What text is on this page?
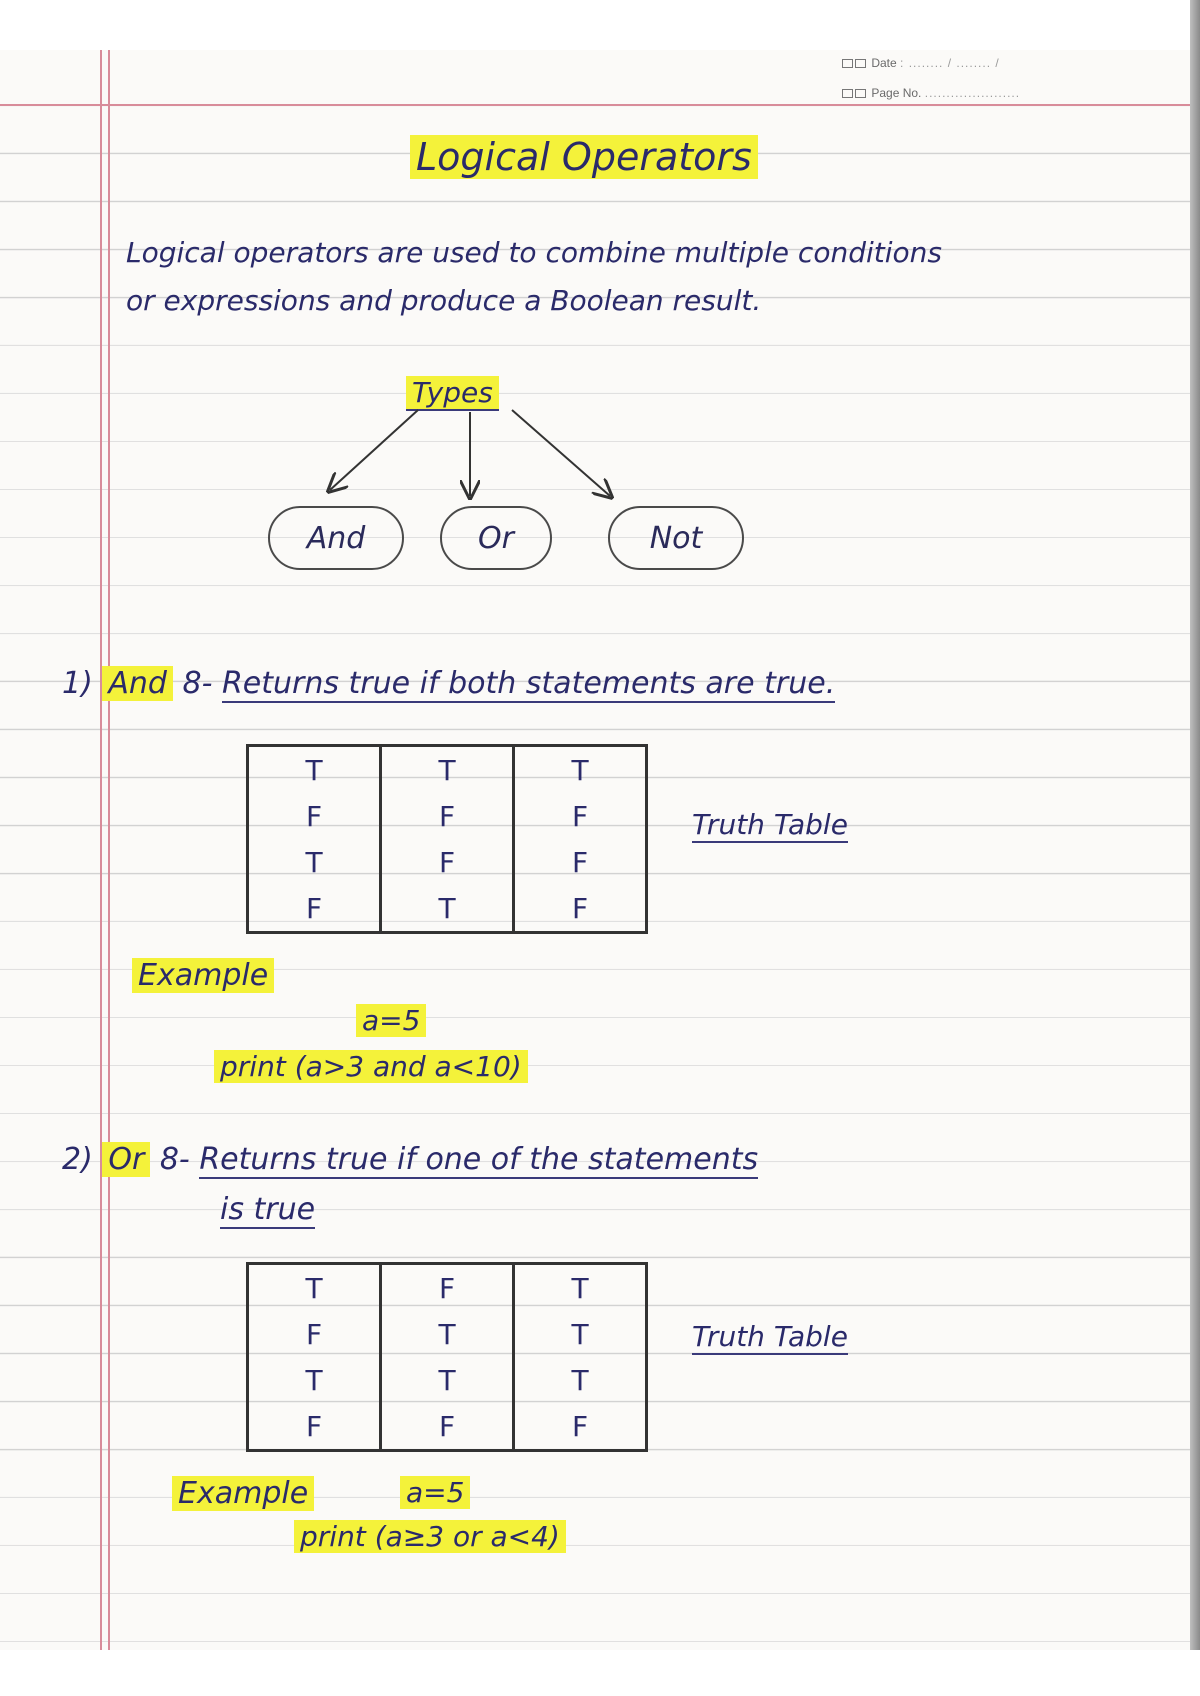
Date : ........ / ........ /
Page No. ......................
Logical Operators
Logical operators are used to combine multiple conditions
or expressions and produce a Boolean result.
Types
And	Or	Not
1) And 8- Returns true if both statements are true.
T	T	T
F	F	F
T	F	F
F	T	F
Truth Table
Example
a=5
print (a>3 and a<10)
2) Or 8- Returns true if one of the statements
is true
T	F	T
F	T	T
T	T	T
F	F	F
Truth Table
Example	a=5
print (a≥3 or a<4)
